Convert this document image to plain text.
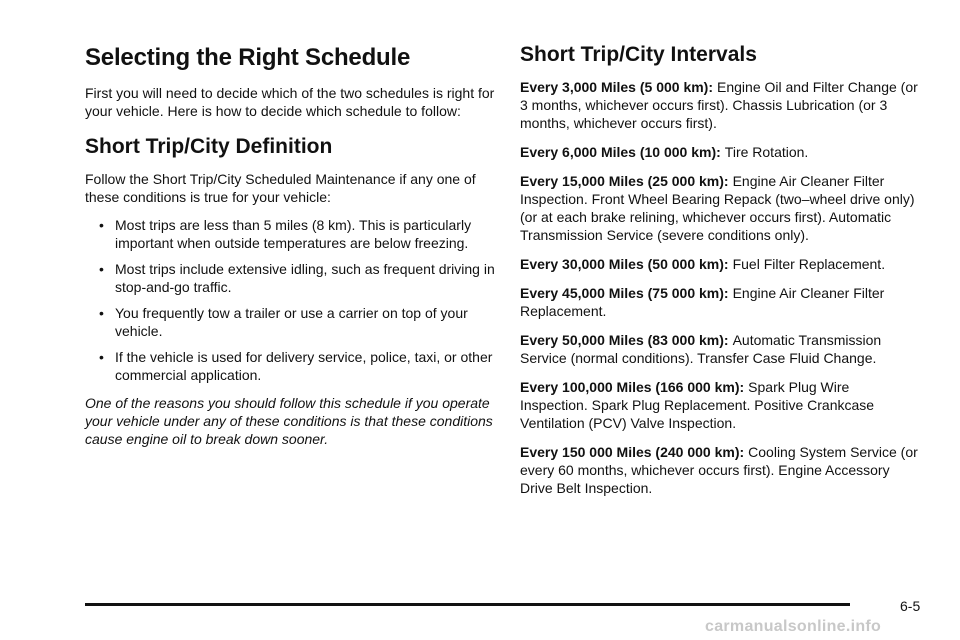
Selecting the Right Schedule

First you will need to decide which of the two schedules is right for your vehicle. Here is how to decide which schedule to follow:

Short Trip/City Definition

Follow the Short Trip/City Scheduled Maintenance if any one of these conditions is true for your vehicle:

• Most trips are less than 5 miles (8 km). This is particularly important when outside temperatures are below freezing.
• Most trips include extensive idling, such as frequent driving in stop-and-go traffic.
• You frequently tow a trailer or use a carrier on top of your vehicle.
• If the vehicle is used for delivery service, police, taxi, or other commercial application.

One of the reasons you should follow this schedule if you operate your vehicle under any of these conditions is that these conditions cause engine oil to break down sooner.

Short Trip/City Intervals

Every 3,000 Miles (5 000 km): Engine Oil and Filter Change (or 3 months, whichever occurs first). Chassis Lubrication (or 3 months, whichever occurs first).

Every 6,000 Miles (10 000 km): Tire Rotation.

Every 15,000 Miles (25 000 km): Engine Air Cleaner Filter Inspection. Front Wheel Bearing Repack (two–wheel drive only) (or at each brake relining, whichever occurs first). Automatic Transmission Service (severe conditions only).

Every 30,000 Miles (50 000 km): Fuel Filter Replacement.

Every 45,000 Miles (75 000 km): Engine Air Cleaner Filter Replacement.

Every 50,000 Miles (83 000 km): Automatic Transmission Service (normal conditions). Transfer Case Fluid Change.

Every 100,000 Miles (166 000 km): Spark Plug Wire Inspection. Spark Plug Replacement. Positive Crankcase Ventilation (PCV) Valve Inspection.

Every 150 000 Miles (240 000 km): Cooling System Service (or every 60 months, whichever occurs first). Engine Accessory Drive Belt Inspection.

6-5
carmanualsonline.info
